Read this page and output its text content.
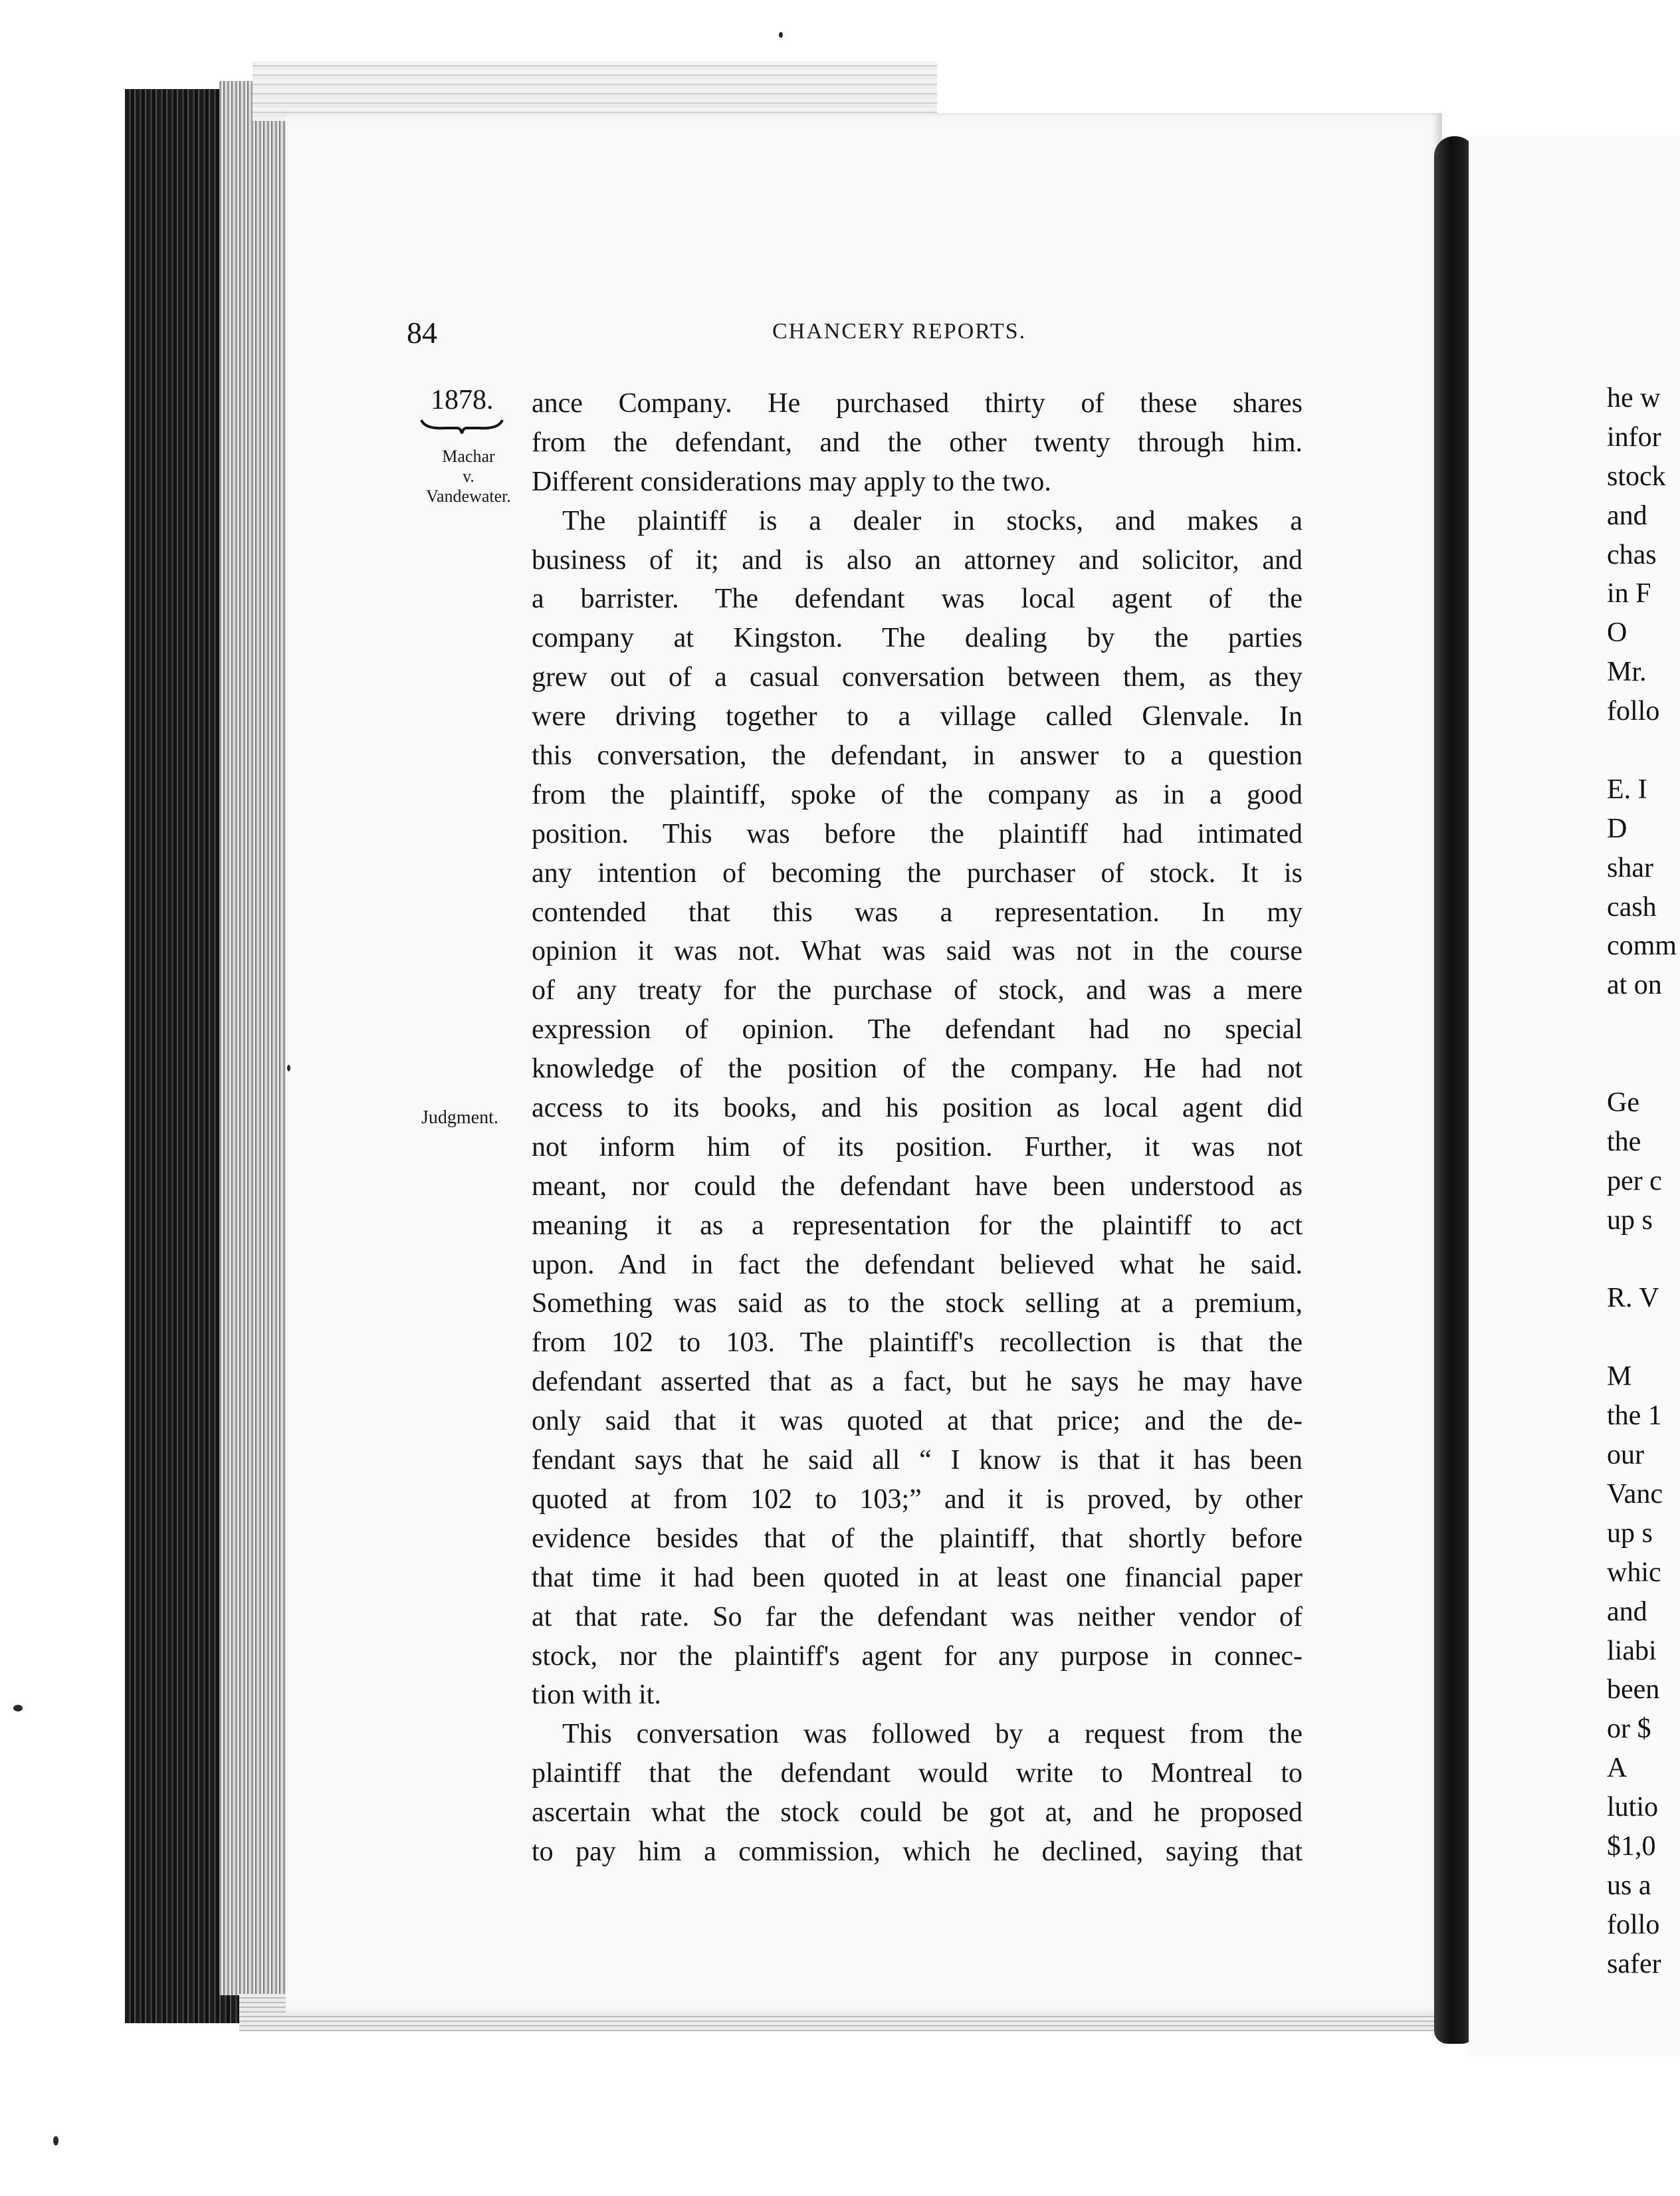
84	CHANCERY REPORTS.
1878.
Machar
v.
Vandewater.
Judgment.
ance Company. He purchased thirty of these shares
from the defendant, and the other twenty through him.
Different considerations may apply to the two.
The plaintiff is a dealer in stocks, and makes a
business of it; and is also an attorney and solicitor, and
a barrister. The defendant was local agent of the
company at Kingston. The dealing by the parties
grew out of a casual conversation between them, as they
were driving together to a village called Glenvale. In
this conversation, the defendant, in answer to a question
from the plaintiff, spoke of the company as in a good
position. This was before the plaintiff had intimated
any intention of becoming the purchaser of stock. It is
contended that this was a representation. In my
opinion it was not. What was said was not in the course
of any treaty for the purchase of stock, and was a mere
expression of opinion. The defendant had no special
knowledge of the position of the company. He had not
access to its books, and his position as local agent did
not inform him of its position. Further, it was not
meant, nor could the defendant have been understood as
meaning it as a representation for the plaintiff to act
upon. And in fact the defendant believed what he said.
Something was said as to the stock selling at a premium,
from 102 to 103. The plaintiff's recollection is that the
defendant asserted that as a fact, but he says he may have
only said that it was quoted at that price; and the de-
fendant says that he said all “ I know is that it has been
quoted at from 102 to 103;” and it is proved, by other
evidence besides that of the plaintiff, that shortly before
that time it had been quoted in at least one financial paper
at that rate. So far the defendant was neither vendor of
stock, nor the plaintiff's agent for any purpose in connec-
tion with it.
This conversation was followed by a request from the
plaintiff that the defendant would write to Montreal to
ascertain what the stock could be got at, and he proposed
to pay him a commission, which he declined, saying that
he w
infor
stock
and
chas
in F
O
Mr.
follo
E. I
D
shar
cash
comm
at on
Ge
the
per c
up s
R. V
M
the 1
our
Vanc
up s
whic
and
liabi
been
or $
A
lutio
$1,0
us a
follo
safer
